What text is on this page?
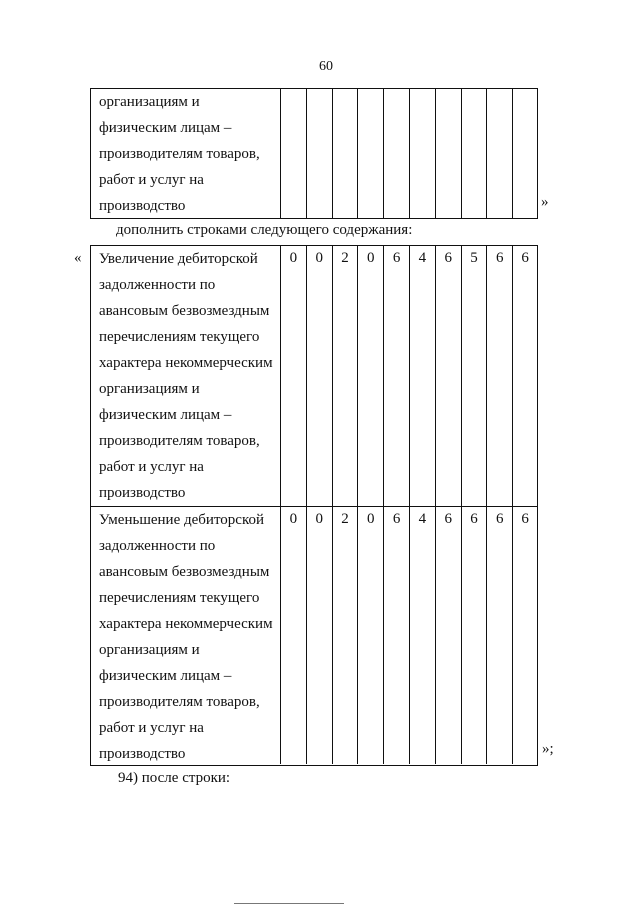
60
организациям и
физическим лицам –
производителям товаров,
работ и услуг на
производство	»
дополнить строками следующего содержания:
« Увеличение дебиторской
задолженности по
авансовым безвозмездным
перечислениям текущего
характера некоммерческим
организациям и
физическим лицам –
производителям товаров,
работ и услуг на
производство
0	0	2	0	6	4	6	5	6	6
Уменьшение дебиторской
задолженности по
авансовым безвозмездным
перечислениям текущего
характера некоммерческим
организациям и
физическим лицам –
производителям товаров,
работ и услуг на
производство
0	0	2	0	6	4	6	6	6	6
»;
94) после строки:
